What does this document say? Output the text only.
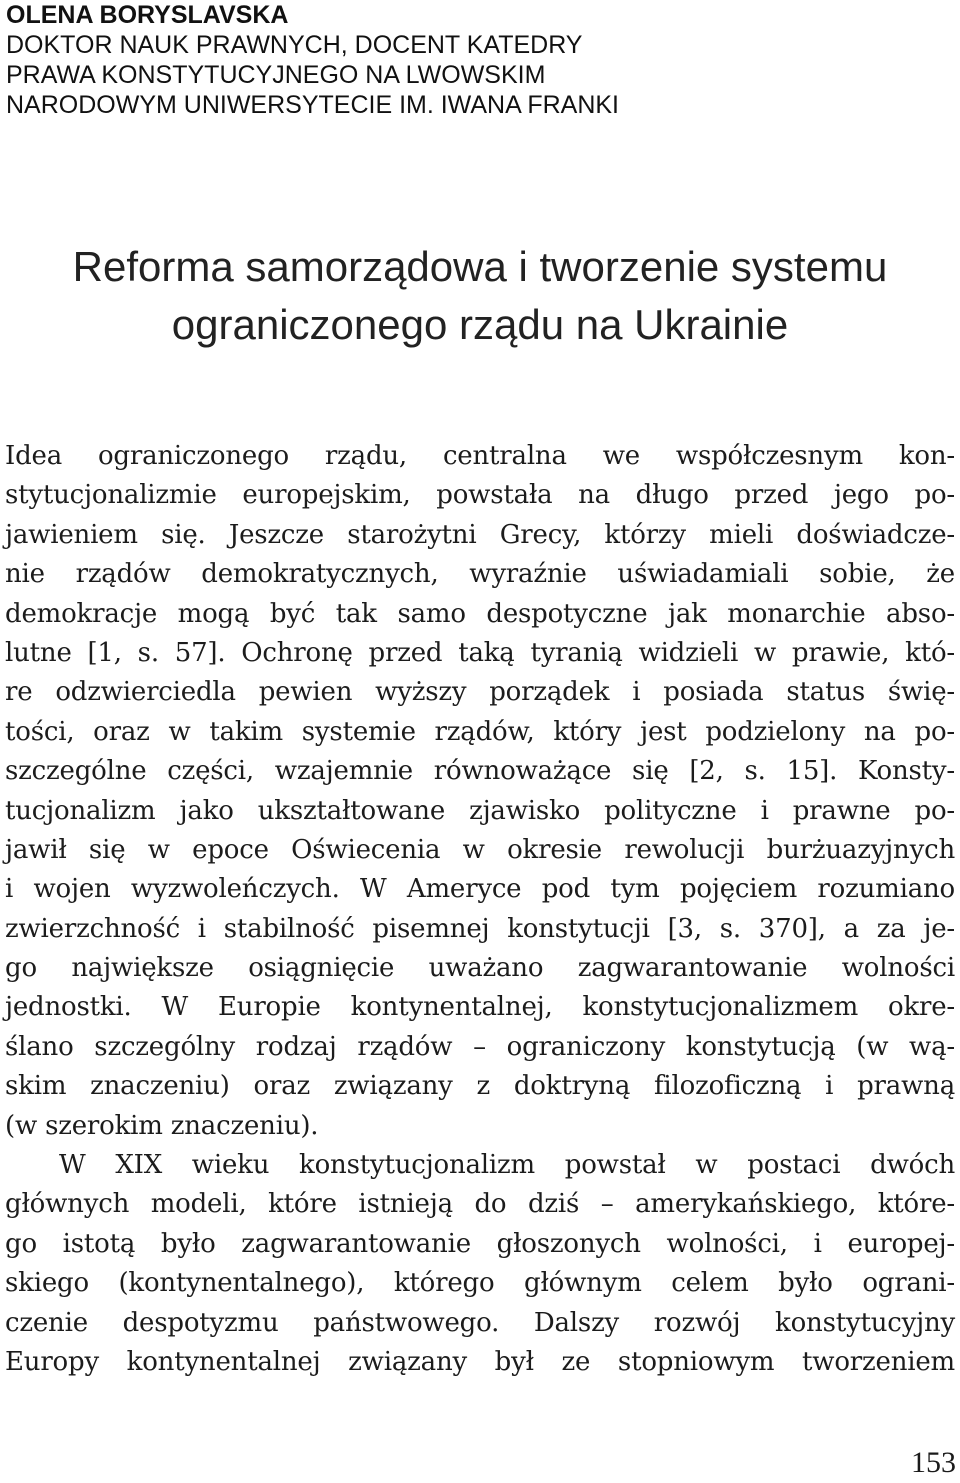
OLENA BORYSLAVSKA

DOKTOR NAUK PRAWNYCH, DOCENT KATEDRY

PRAWA KONSTYTUCYJNEGO NA LWOWSKIM

NARODOWYM UNIWERSYTECIE IM. IWANA FRANKI

Reforma samorządowa i tworzenie systemu

ograniczonego rządu na Ukrainie

Idea ograniczonego rządu, centralna we współczesnym kon-
stytucjonalizmie europejskim, powstała na długo przed jego po-
jawieniem się. Jeszcze starożytni Grecy, którzy mieli doświadcze-
nie rządów demokratycznych, wyraźnie uświadamiali sobie, że
demokracje mogą być tak samo despotyczne jak monarchie abso-
lutne [1, s. 57]. Ochronę przed taką tyranią widzieli w prawie, któ-
re odzwierciedla pewien wyższy porządek i posiada status świę-
tości, oraz w takim systemie rządów, który jest podzielony na po-
szczególne części, wzajemnie równoważące się [2, s. 15]. Konsty-
tucjonalizm jako ukształtowane zjawisko polityczne i prawne po-
jawił się w epoce Oświecenia w okresie rewolucji burżuazyjnych
i wojen wyzwoleńczych. W Ameryce pod tym pojęciem rozumiano
zwierzchność i stabilność pisemnej konstytucji [3, s. 370], a za je-
go największe osiągnięcie uważano zagwarantowanie wolności
jednostki. W Europie kontynentalnej, konstytucjonalizmem okre-
ślano szczególny rodzaj rządów – ograniczony konstytucją (w wą-
skim znaczeniu) oraz związany z doktryną filozoficzną i prawną
(w szerokim znaczeniu).
W XIX wieku konstytucjonalizm powstał w postaci dwóch
głównych modeli, które istnieją do dziś – amerykańskiego, które-
go istotą było zagwarantowanie głoszonych wolności, i europej-
skiego (kontynentalnego), którego głównym celem było ograni-
czenie despotyzmu państwowego. Dalszy rozwój konstytucyjny
Europy kontynentalnej związany był ze stopniowym tworzeniem
153
